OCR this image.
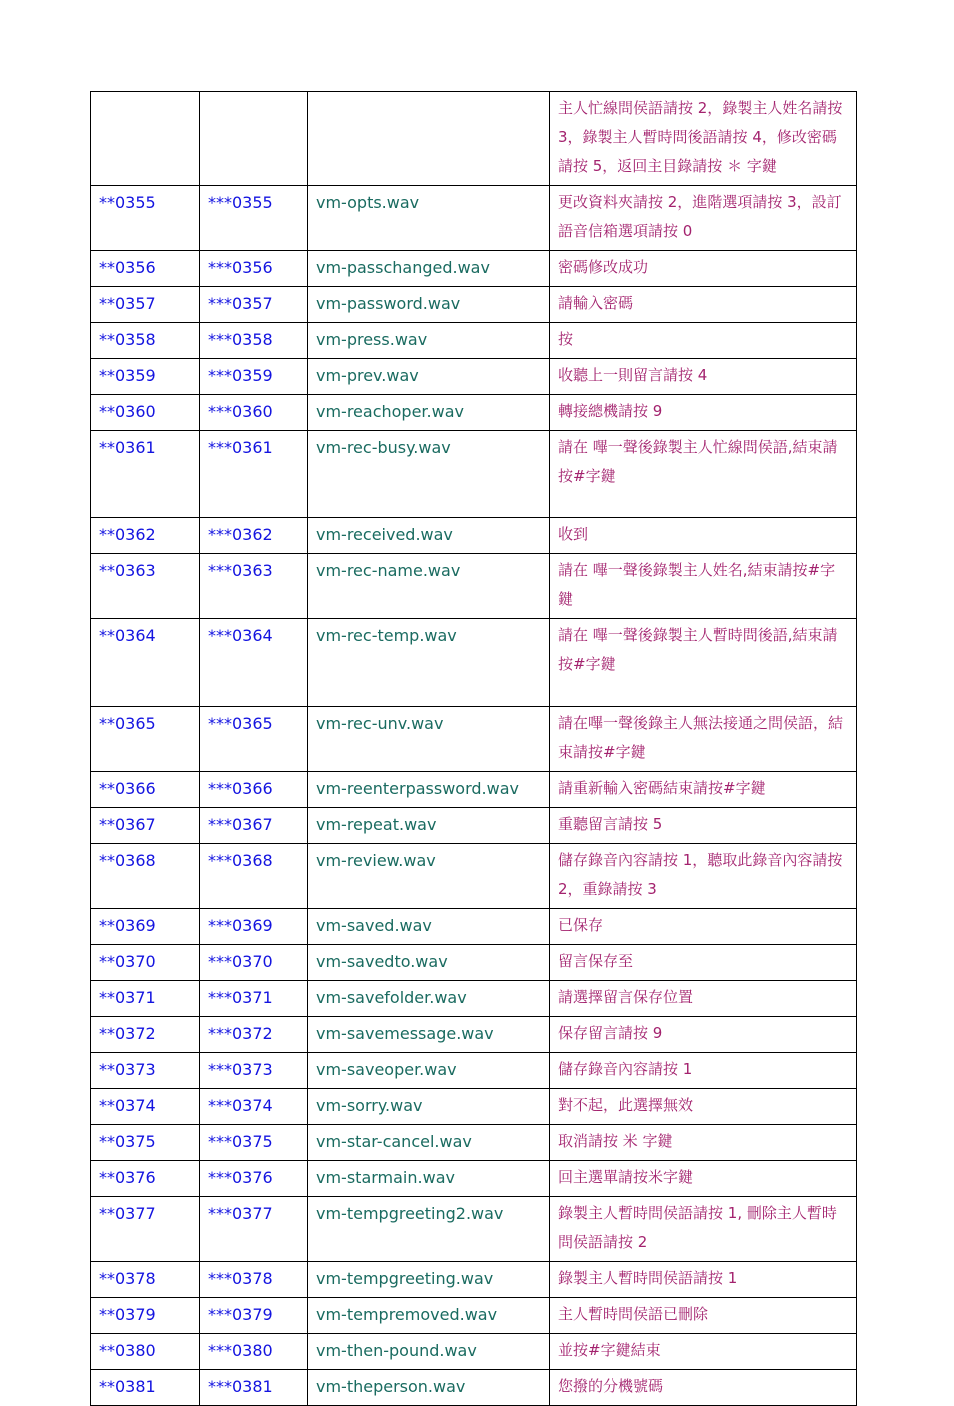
			主人忙線問侯語請按 2，錄製主人姓名請按 3，錄製主人暫時問後語請按 4，修改密碼請按 5，返回主目錄請按 ＊ 字鍵
**0355	***0355	vm-opts.wav	更改資料夾請按 2，進階選項請按 3，設訂語音信箱選項請按 0
**0356	***0356	vm-passchanged.wav	密碼修改成功
**0357	***0357	vm-password.wav	請輸入密碼
**0358	***0358	vm-press.wav	按
**0359	***0359	vm-prev.wav	收聽上一則留言請按 4
**0360	***0360	vm-reachoper.wav	轉接總機請按 9
**0361	***0361	vm-rec-busy.wav	請在 嗶一聲後錄製主人忙線問侯語,結束請按#字鍵
**0362	***0362	vm-received.wav	收到
**0363	***0363	vm-rec-name.wav	請在 嗶一聲後錄製主人姓名,結束請按#字鍵
**0364	***0364	vm-rec-temp.wav	請在 嗶一聲後錄製主人暫時問後語,結束請按#字鍵
**0365	***0365	vm-rec-unv.wav	請在嗶一聲後錄主人無法接通之問侯語，結束請按#字鍵
**0366	***0366	vm-reenterpassword.wav	請重新輸入密碼結束請按#字鍵
**0367	***0367	vm-repeat.wav	重聽留言請按 5
**0368	***0368	vm-review.wav	儲存錄音內容請按 1，聽取此錄音內容請按 2，重錄請按 3
**0369	***0369	vm-saved.wav	已保存
**0370	***0370	vm-savedto.wav	留言保存至
**0371	***0371	vm-savefolder.wav	請選擇留言保存位置
**0372	***0372	vm-savemessage.wav	保存留言請按 9
**0373	***0373	vm-saveoper.wav	儲存錄音內容請按 1
**0374	***0374	vm-sorry.wav	對不起，此選擇無效
**0375	***0375	vm-star-cancel.wav	取消請按 米 字鍵
**0376	***0376	vm-starmain.wav	回主選單請按米字鍵
**0377	***0377	vm-tempgreeting2.wav	錄製主人暫時問侯語請按 1, 刪除主人暫時問侯語請按 2
**0378	***0378	vm-tempgreeting.wav	錄製主人暫時問侯語請按 1
**0379	***0379	vm-tempremoved.wav	主人暫時問侯語已刪除
**0380	***0380	vm-then-pound.wav	並按#字鍵結束
**0381	***0381	vm-theperson.wav	您撥的分機號碼
